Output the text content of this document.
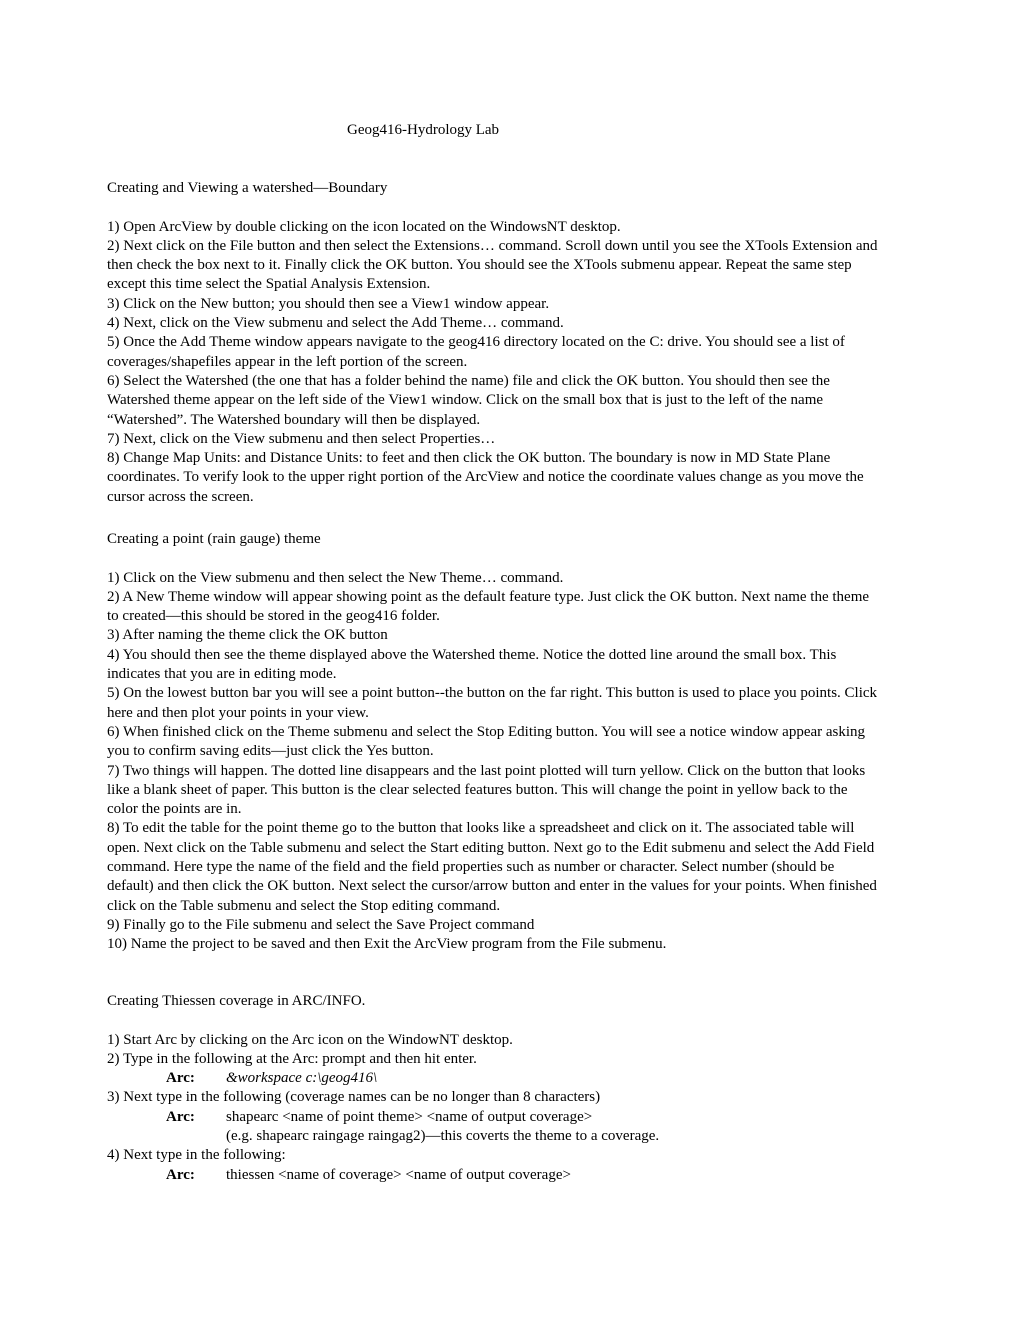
Geog416-Hydrology Lab

Creating and Viewing a watershed—Boundary

1) Open ArcView by double clicking on the icon located on the WindowsNT desktop.

2) Next click on the File button and then select the Extensions… command. Scroll down until you see the XTools Extension and then check the box next to it. Finally click the OK button. You should see the XTools submenu appear. Repeat the same step except this time select the Spatial Analysis Extension.

3) Click on the New button; you should then see a View1 window appear.

4) Next, click on the View submenu and select the Add Theme… command.

5) Once the Add Theme window appears navigate to the geog416 directory located on the C: drive. You should see a list of coverages/shapefiles appear in the left portion of the screen.

6) Select the Watershed (the one that has a folder behind the name) file and click the OK button. You should then see the Watershed theme appear on the left side of the View1 window. Click on the small box that is just to the left of the name “Watershed”. The Watershed boundary will then be displayed.

7) Next, click on the View submenu and then select Properties…

8) Change Map Units: and Distance Units: to feet and then click the OK button. The boundary is now in MD State Plane coordinates. To verify look to the upper right portion of the ArcView and notice the coordinate values change as you move the cursor across the screen.

Creating a point (rain gauge) theme

1) Click on the View submenu and then select the New Theme… command.

2) A New Theme window will appear showing point as the default feature type. Just click the OK button. Next name the theme to created—this should be stored in the geog416 folder.

3) After naming the theme click the OK button

4) You should then see the theme displayed above the Watershed theme. Notice the dotted line around the small box. This indicates that you are in editing mode.

5) On the lowest button bar you will see a point button--the button on the far right. This button is used to place you points. Click here and then plot your points in your view.

6) When finished click on the Theme submenu and select the Stop Editing button. You will see a notice window appear asking you to confirm saving edits—just click the Yes button.

7) Two things will happen. The dotted line disappears and the last point plotted will turn yellow. Click on the button that looks like a blank sheet of paper. This button is the clear selected features button. This will change the point in yellow back to the color the points are in.

8) To edit the table for the point theme go to the button that looks like a spreadsheet and click on it. The associated table will open. Next click on the Table submenu and select the Start editing button. Next go to the Edit submenu and select the Add Field command. Here type the name of the field and the field properties such as number or character. Select number (should be default) and then click the OK button. Next select the cursor/arrow button and enter in the values for your points. When finished click on the Table submenu and select the Stop editing command.

9) Finally go to the File submenu and select the Save Project command

10) Name the project to be saved and then Exit the ArcView program from the File submenu.

Creating Thiessen coverage in ARC/INFO.

1) Start Arc by clicking on the Arc icon on the WindowNT desktop.

2) Type in the following at the Arc: prompt and then hit enter.

Arc:	&workspace c:\geog416\

3) Next type in the following (coverage names can be no longer than 8 characters)

Arc:	shapearc <name of point theme> <name of output coverage>
(e.g. shapearc raingage raingag2)—this coverts the theme to a coverage.

4) Next type in the following:

Arc:	thiessen <name of coverage> <name of output coverage>
